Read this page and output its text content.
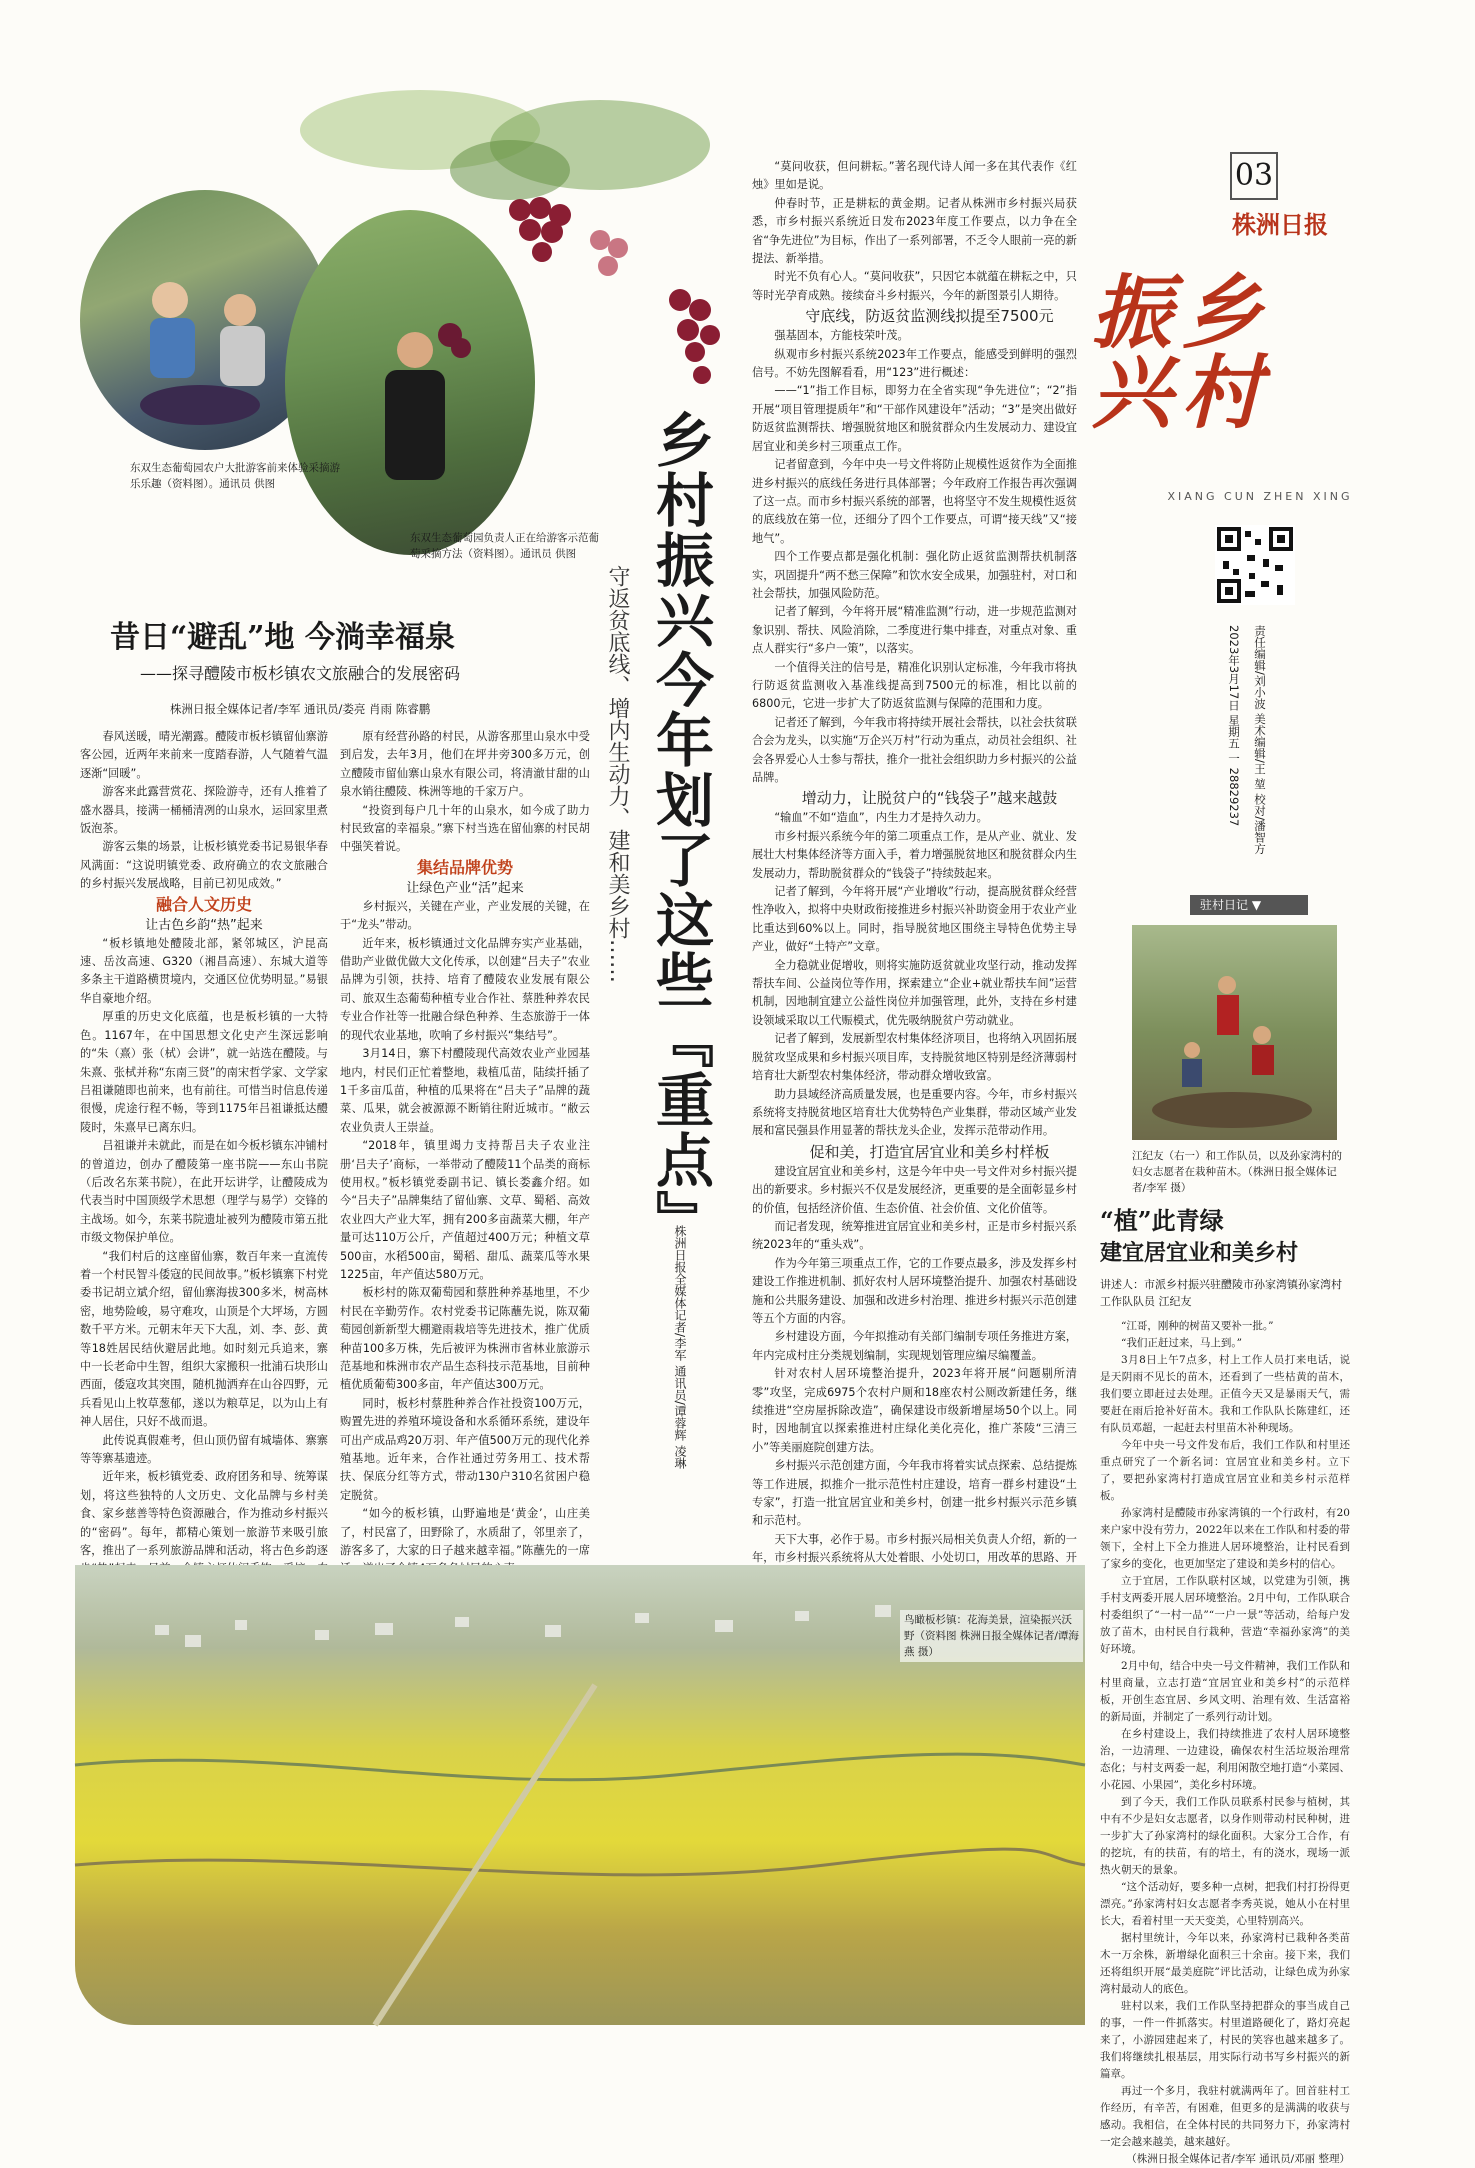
东双生态葡萄园农户大批游客前来体验采摘游乐乐趣（资料图）。通讯员 供图
东双生态葡萄园负责人正在给游客示范葡萄采摘方法（资料图）。通讯员 供图
昔日“避乱”地 今淌幸福泉
——探寻醴陵市板杉镇农文旅融合的发展密码
株洲日报全媒体记者/李军 通讯员/娄亮 肖雨 陈睿鹏

春风送暖，晴光潮露。醴陵市板杉镇留仙寨游客公园，近两年来前来一度踏春游，人气随着气温逐渐“回暖”。

游客来此露营赏花、探险游寺，还有人推着了盛水器具，接满一桶桶清冽的山泉水，运回家里煮饭泡茶。

游客云集的场景，让板杉镇党委书记易银华春风满面：“这说明镇党委、政府确立的农文旅融合的乡村振兴发展战略，目前已初见成效。”

融合人文历史

让古色乡韵“热”起来

“板杉镇地处醴陵北部，紧邻城区，沪昆高速、岳汝高速、G320（湘昌高速）、东城大道等多条主干道路横贯境内，交通区位优势明显。”易银华自豪地介绍。

厚重的历史文化底蕴，也是板杉镇的一大特色。1167年，在中国思想文化史产生深远影响的“朱（熹）张（栻）会讲”，就一站选在醴陵。与朱熹、张栻并称“东南三贤”的南宋哲学家、文学家吕祖谦随即也前来，也有前往。可惜当时信息传递很慢，虎途行程不畅，等到1175年吕祖谦抵达醴陵时，朱熹早已离东归。

吕祖谦并未就此，而是在如今板杉镇东冲铺村的曾道边，创办了醴陵第一座书院——东山书院（后改名东莱书院），在此开坛讲学，让醴陵成为代表当时中国顶级学术思想（理学与易学）交锋的主战场。如今，东莱书院遗址被列为醴陵市第五批市级文物保护单位。

“我们村后的这座留仙寨，数百年来一直流传着一个村民智斗倭寇的民间故事。”板杉镇寨下村党委书记胡立斌介绍，留仙寨海拔300多米，树高林密，地势险峻，易守难攻，山顶是个大坪场，方圆数千平方米。元朝末年天下大乱，刘、李、彭、黄等18姓居民结伙避居此地。如时刻元兵追来，寨中一长老命中生智，组织大家搬积一批浦石块形山西面，倭寇攻其突围，随机抛洒弃在山谷四野，元兵看见山上牧草葱郁，遂以为粮草足，以为山上有神人居住，只好不战而退。

此传说真假难考，但山顶仍留有城墙体、寨寨等等寨基遗迹。

近年来，板杉镇党委、政府团务和导、统筹谋划，将这些独特的人文历史、文化品牌与乡村美食、家乡慈善等特色资源融合，作为推动乡村振兴的“密码”。每年，都精心策划一旅游节来吸引旅客，推出了一系列旅游品牌和活动，将古色乡韵逐

原有经营孙路的村民，从游客那里山泉水中受到启发，去年3月，他们在坪井旁300多万元，创立醴陵市留仙寨山泉水有限公司，将清澈甘甜的山泉水销往醴陵、株洲等地的千家万户。

“投资到每户几十年的山泉水，如今成了助力村民致富的幸福泉。”寨下村当选在留仙寨的村民胡中强笑着说。

集结品牌优势

让绿色产业“活”起来

乡村振兴，关键在产业，产业发展的关键，在于“龙头”带动。

近年来，板杉镇通过文化品牌夯实产业基础，借助产业做优做大文化传承，以创建“吕夫子”农业品牌为引领，扶持、培育了醴陵农业发展有限公司、旅双生态葡萄种植专业合作社、蔡胜种养农民专业合作社等一批融合绿色种养、生态旅游于一体的现代农业基地，吹响了乡村振兴“集结号”。

3月14日，寨下村醴陵现代高效农业产业园基地内，村民们正忙着整地，栽植瓜苗，陆续扦插了1千多亩瓜苗，种植的瓜果将在“吕夫子”品牌的蔬菜、瓜果，就会被源源不断销往附近城市。“敝云农业负责人王崇益。

“2018年，镇里竭力支持帮吕夫子农业注册‘吕夫子’商标，一举带动了醴陵11个品类的商标使用权。”板杉镇党委副书记、镇长娄鑫介绍。如今“吕夫子”品牌集结了留仙寨、文草、蜀稻、高效农业四大产业大军，拥有200多亩蔬菜大棚，年产量可达110万公斤，产值超过400万元；种植文草500亩，水稻500亩，蜀稻、甜瓜、蔬菜瓜等水果1225亩，年产值达580万元。

板杉村的陈双葡萄园和蔡胜种养基地里，不少村民在辛勤劳作。农村党委书记陈蘸先说，陈双葡萄园创新新型大棚避雨栽培等先进技术，推广优质种苗100多万株，先后被评为株洲市省林业旅游示范基地和株洲市农产品生态科技示范基地，目前种植优质葡萄300多亩，年产值达300万元。

同时，板杉村蔡胜种养合作社投资100万元，购置先进的养殖环境设备和水系循环系统，建设年可出产成品鸡20万羽、年产值500万元的现代化养殖基地。近年来，合作社通过劳务用工、技术帮扶、保底分红等方式，带动130户310名贫困户稳定脱贫。

“如今的板杉镇，山野遍地是‘黄金’，山庄美了，村民富了，田野除了，水质甜了，邻里亲了，游客多了，大家的日子越来越幸福。”陈蘸先的一席

乡村振兴今年划了这些『重点』
守返贫底线、增内生动力、建和美乡村……
株洲日报全媒体记者/李军 通讯员/谭蓉辉 凌琳

“莫问收获，但问耕耘。”著名现代诗人闻一多在其代表作《红烛》里如是说。

仲春时节，正是耕耘的黄金期。记者从株洲市乡村振兴局获悉，市乡村振兴系统近日发布2023年度工作要点，以力争在全省“争先进位”为目标，作出了一系列部署，不乏令人眼前一亮的新提法、新举措。

时光不负有心人。“莫问收获”，只因它本就蕴在耕耘之中，只等时光孕育成熟。接续奋斗乡村振兴，今年的新图景引人期待。

守底线，防返贫监测线拟提至7500元

强基固本，方能枝荣叶茂。

纵观市乡村振兴系统2023年工作要点，能感受到鲜明的强烈信号。不妨先图解看看，用“123”进行概述：

——“1”指工作目标，即努力在全省实现“争先进位”；“2”指开展“项目管理提质年”和“干部作风建设年”活动；“3”是突出做好防返贫监测帮扶、增强脱贫地区和脱贫群众内生发展动力、建设宜居宜业和美乡村三项重点工作。

记者留意到，今年中央一号文件将防止规模性返贫作为全面推进乡村振兴的底线任务进行具体部署；今年政府工作报告再次强调了这一点。而市乡村振兴系统的部署，也将坚守不发生规模性返贫的底线放在第一位，还细分了四个工作要点，可谓“接天线”又“接地气”。

四个工作要点都是强化机制：强化防止返贫监测帮扶机制落实，巩固提升“两不愁三保障”和饮水安全成果，加强驻村，对口和社会帮扶，加强风险防范。

记者了解到，今年将开展“精准监测”行动，进一步规范监测对象识别、帮扶、风险消除，二季度进行集中排查，对重点对象、重点人群实行“多户一策”，以落实。

一个值得关注的信号是，精准化识别认定标准，今年我市将执行防返贫监测收入基准线提高到7500元的标准，相比以前的6800元，它进一步扩大了防返贫监测与保障的范围和力度。

记者还了解到，今年我市将持续开展社会帮扶，以社会扶贫联合会为龙头，以实施“万企兴万村”行动为重点，动员社会组织、社会各界爱心人士参与帮扶，推介一批社会组织助力乡村振兴的公益品牌。

增动力，让脱贫户的“钱袋子”越来越鼓

“输血”不如“造血”，内生力才是持久动力。

市乡村振兴系统今年的第二项重点工作，是从产业、就业、发展壮大村集体经济等方面入手，着力增强脱贫地区和脱贫群众内生发展动力，帮助脱贫群众的“钱袋子”持续鼓起来。

记者了解到，今年将开展“产业增收”行动，提高脱贫群众经营性净收入，拟将中央财政衔接推进乡村振兴补助资金用于农业产业比重达到60%以上。同时，指导脱贫地区围绕主导特色优势主导产业，做好“土特产”文章。

全力稳就业促增收，则将实施防返贫就业攻坚行动，推动发挥帮扶车间、公益岗位等作用，探索建立“企业+就业帮扶车间”运营机制，因地制宜建立公益性岗位并加强管理，此外，支持在乡村建设领域采取以工代赈模式，优先吸纳脱贫户劳动就业。

记者了解到，发展新型农村集体经济项目，也将纳入巩固拓展脱贫攻坚成果和乡村振兴项目库，支持脱贫地区特别是经济薄弱村培育壮大新型农村集体经济，带动群众增收致富。

助力县域经济高质量发展，也是重要内容。今年，市乡村振兴系统将支持脱贫地区培育壮大优势特色产业集群，带动区域产业发展和富民强县作用显著的帮扶龙头企业，发挥示范带动作用。

促和美，打造宜居宜业和美乡村样板

建设宜居宜业和美乡村，这是今年中央一号文件对乡村振兴提出的新要求。乡村振兴不仅是发展经济，更重要的是全面彰显乡村的价值，包括经济价值、生态价值、社会价值、文化价值等。

而记者发现，统筹推进宜居宜业和美乡村，正是市乡村振兴系统2023年的“重头戏”。

作为今年第三项重点工作，它的工作要点最多，涉及发挥乡村建设工作推进机制、抓好农村人居环境整治提升、加强农村基础设施和公共服务建设、加强和改进乡村治理、推进乡村振兴示范创建等五个方面的内容。

乡村建设方面，今年拟推动有关部门编制专项任务推进方案，年内完成村庄分类规划编制，实现规划管理应编尽编覆盖。

针对农村人居环境整治提升，2023年将开展“问题剔所清零”攻坚，完成6975个农村户厕和18座农村公厕改新建任务，继续推进“空房屋拆除改造”，确保建设市级新增屋场50个以上。同时，因地制宜以探索推进村庄绿化美化亮化，推广茶陵“三清三小”等美丽庭院创建方法。

乡村振兴示范创建方面，今年我市将着实试点探索、总结提炼等工作进展，拟推介一批示范性村庄建设，培育一群乡村建设“土专家”，打造一批宜居宜业和美乡村，创建一批乡村振兴示范乡镇和示范村。

天下大事，必作于易。市乡村振兴局相关负责人介绍，新的一年，市乡村振兴系统将从大处着眼、小处切口，用改革的思路、开

03
株洲日报
乡村振兴
XIANG CUN ZHEN XING
责任编辑/刘小波 美术编辑/王 堃 校对/潘智方
2023年3月17日 星期五 一 28829237
驻村日记 ▼
江纪友（右一）和工作队员，以及孙家湾村的妇女志愿者在栽种苗木。（株洲日报全媒体记者/李军 摄）
“植”此青绿
建宜居宜业和美乡村
讲述人：市派乡村振兴驻醴陵市孙家湾镇孙家湾村工作队队员 江纪友

“江哥，刚种的树苗又要补一批。”

“我们正赶过来，马上到。”

3月8日上午7点多，村上工作人员打来电话，说是天阴雨不见长的苗木，还看到了一些枯黄的苗木，我们要立即赶过去处理。正值今天又是暴雨天气，需要赶在雨后抢补好苗木。我和工作队队长陈建红，还有队员邓超，一起赶去村里苗木补种现场。

今年中央一号文件发布后，我们工作队和村里还重点研究了一个新名词：宜居宜业和美乡村。立下了，要把孙家湾村打造成宜居宜业和美乡村示范样板。

孙家湾村是醴陵市孙家湾镇的一个行政村，有20来户家中没有劳力，2022年以来在工作队和村委的带领下，全村上下全力推进人居环境整治，让村民看到了家乡的变化，也更加坚定了建设和美乡村的信心。

立于宜居，工作队联村区域，以党建为引领，携手村支两委开展人居环境整治。2月中旬，工作队联合村委组织了“一村一品”“一户一景”等活动，给每户发放了苗木，由村民自行栽种，营造“幸福孙家湾”的美好环境。

2月中旬，结合中央一号文件精神，我们工作队和村里商量，立志打造“宜居宜业和美乡村”的示范样板，开创生态宜居、乡风文明、治理有效、生活富裕的新局面，并制定了一系列行动计划。

在乡村建设上，我们持续推进了农村人居环境整治，一边清理、一边建设，确保农村生活垃圾治理常态化；与村支两委一起，利用闲散空地打造“小菜园、小花园、小果园”，美化乡村环境。

到了今天，我们工作队员联系村民参与植树，其中有不少是妇女志愿者，以身作则带动村民种树，进一步扩大了孙家湾村的绿化面积。大家分工合作，有的挖坑，有的扶苗，有的培土，有的浇水，现场一派热火朝天的景象。

“这个活动好，要多种一点树，把我们村打扮得更漂亮。”孙家湾村妇女志愿者李秀英说，她从小在村里长大，看着村里一天天变美，心里特别高兴。

据村里统计，今年以来，孙家湾村已栽种各类苗木一万余株，新增绿化面积三十余亩。接下来，我们还将组织开展“最美庭院”评比活动，让绿色成为孙家湾村最动人的底色。

驻村以来，我们工作队坚持把群众的事当成自己的事，一件一件抓落实。村里道路硬化了，路灯亮起来了，小游园建起来了，村民的笑容也越来越多了。我们将继续扎根基层，用实际行动书写乡村振兴的新篇章。

再过一个多月，我驻村就满两年了。回首驻村工作经历，有辛苦，有困难，但更多的是满满的收获与感动。我相信，在全体村民的共同努力下，孙家湾村一定会越来越美，越来越好。

（株洲日报全媒体记者/李军 通讯员/邓丽 整理）

鸟瞰板杉镇：花海美景，渲染振兴沃野（资料图 株洲日报全媒体记者/谭海燕 摄）
